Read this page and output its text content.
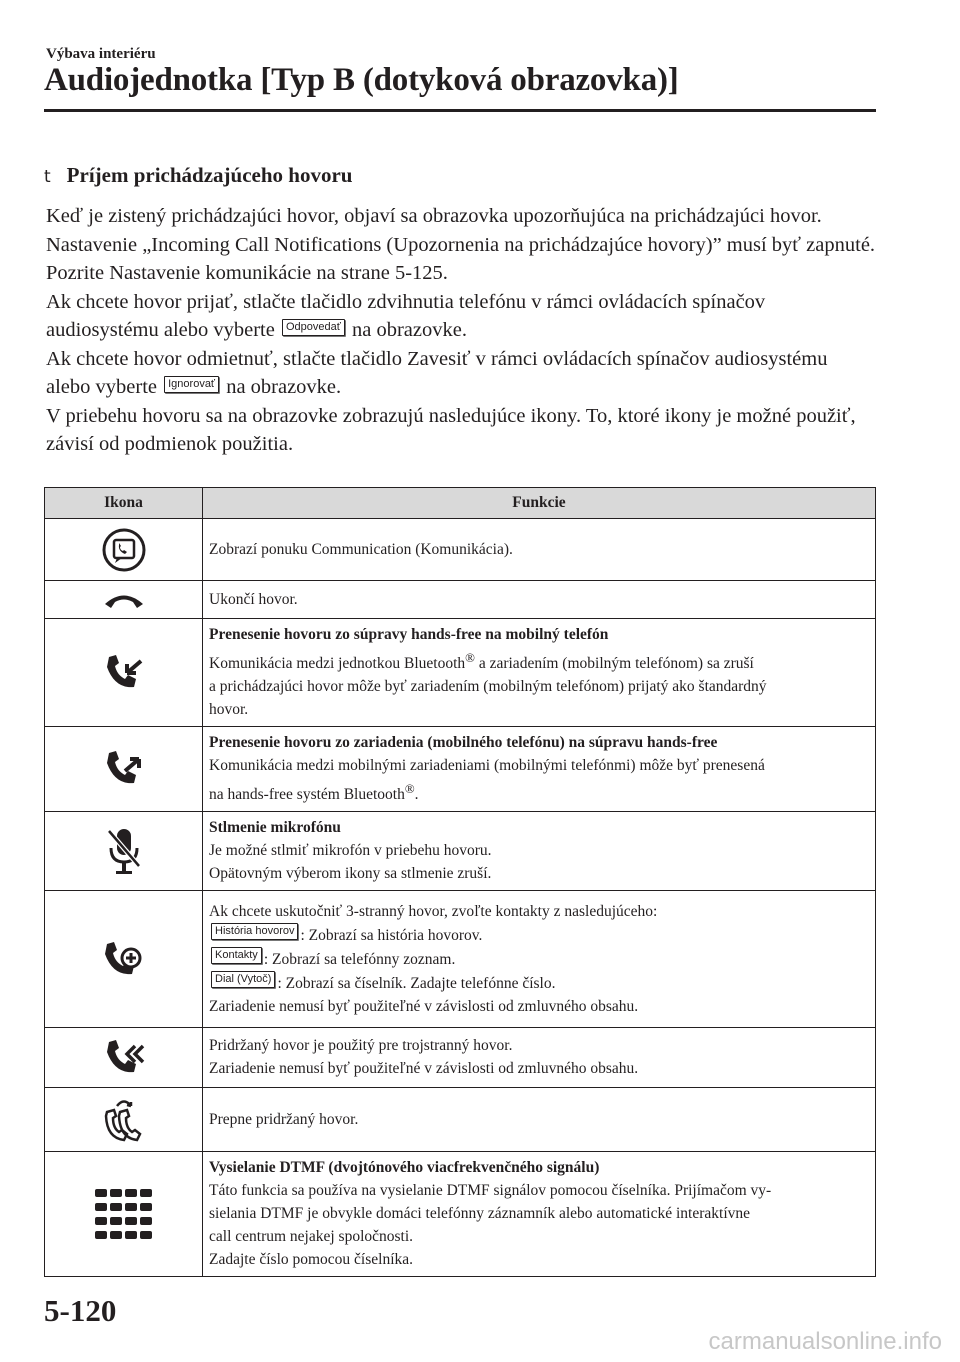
Výbava interiéru
Audiojednotka [Typ B (dotyková obrazovka)]
t Príjem prichádzajúceho hovoru

Keď je zistený prichádzajúci hovor, objaví sa obrazovka upozorňujúca na prichádzajúci hovor. Nastavenie „Incoming Call Notifications (Upozornenia na prichádzajúce hovory)” musí byť zapnuté.

Pozrite Nastavenie komunikácie na strane 5-125.

Ak chcete hovor prijať, stlačte tlačidlo zdvihnutia telefónu v rámci ovládacích spínačov audiosystému alebo vyberte Odpovedať na obrazovke.

Ak chcete hovor odmietnuť, stlačte tlačidlo Zavesiť v rámci ovládacích spínačov audiosystému alebo vyberte Ignorovať na obrazovke.

V priebehu hovoru sa na obrazovke zobrazujú nasledujúce ikony. To, ktoré ikony je možné použiť, závisí od podmienok použitia.

Ikona	Funkcie

	Zobrazí ponuku Communication (Komunikácia).

	Ukončí hovor.

Prenesenie hovoru zo súpravy hands-free na mobilný telefón
Komunikácia medzi jednotkou Bluetooth® a zariadením (mobilným telefónom) sa zruší
a prichádzajúci hovor môže byť zariadením (mobilným telefónom) prijatý ako štandardný
hovor.

Prenesenie hovoru zo zariadenia (mobilného telefónu) na súpravu hands-free
Komunikácia medzi mobilnými zariadeniami (mobilnými telefónmi) môže byť prenesená
na hands-free systém Bluetooth®.

Stlmenie mikrofónu
Je možné stlmiť mikrofón v priebehu hovoru.
Opätovným výberom ikony sa stlmenie zruší.

Ak chcete uskutočniť 3-stranný hovor, zvoľte kontakty z nasledujúceho:
História hovorov : Zobrazí sa história hovorov.
Kontakty : Zobrazí sa telefónny zoznam.
Dial (Vytoč) : Zobrazí sa číselník. Zadajte telefónne číslo.
Zariadenie nemusí byť použiteľné v závislosti od zmluvného obsahu.

Pridržaný hovor je použitý pre trojstranný hovor.
Zariadenie nemusí byť použiteľné v závislosti od zmluvného obsahu.

	Prepne pridržaný hovor.

Vysielanie DTMF (dvojtónového viacfrekvenčného signálu)
Táto funkcia sa používa na vysielanie DTMF signálov pomocou číselníka. Prijímačom vy-
sielania DTMF je obvykle domáci telefónny záznamník alebo automatické interaktívne
call centrum nejakej spoločnosti.
Zadajte číslo pomocou číselníka.
5-120
carmanualsonline.info
